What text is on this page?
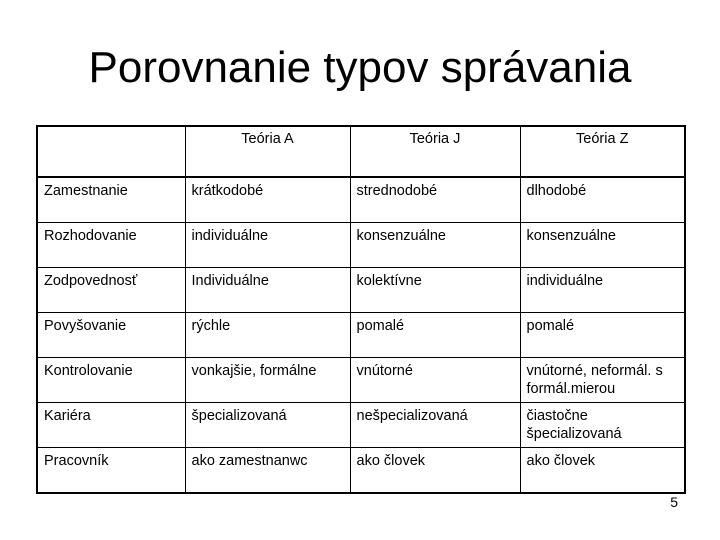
Porovnanie typov správania
	Teória A	Teória J	Teória Z
Zamestnanie	krátkodobé	strednodobé	dlhodobé
Rozhodovanie	individuálne	konsenzuálne	konsenzuálne
Zodpovednosť	Individuálne	kolektívne	individuálne
Povyšovanie	rýchle	pomalé	pomalé
Kontrolovanie	vonkajšie, formálne	vnútorné	vnútorné, neformál. s formál.mierou
Kariéra	špecializovaná	nešpecializovaná	čiastočne špecializovaná
Pracovník	ako zamestnanwc	ako človek	ako človek
5
